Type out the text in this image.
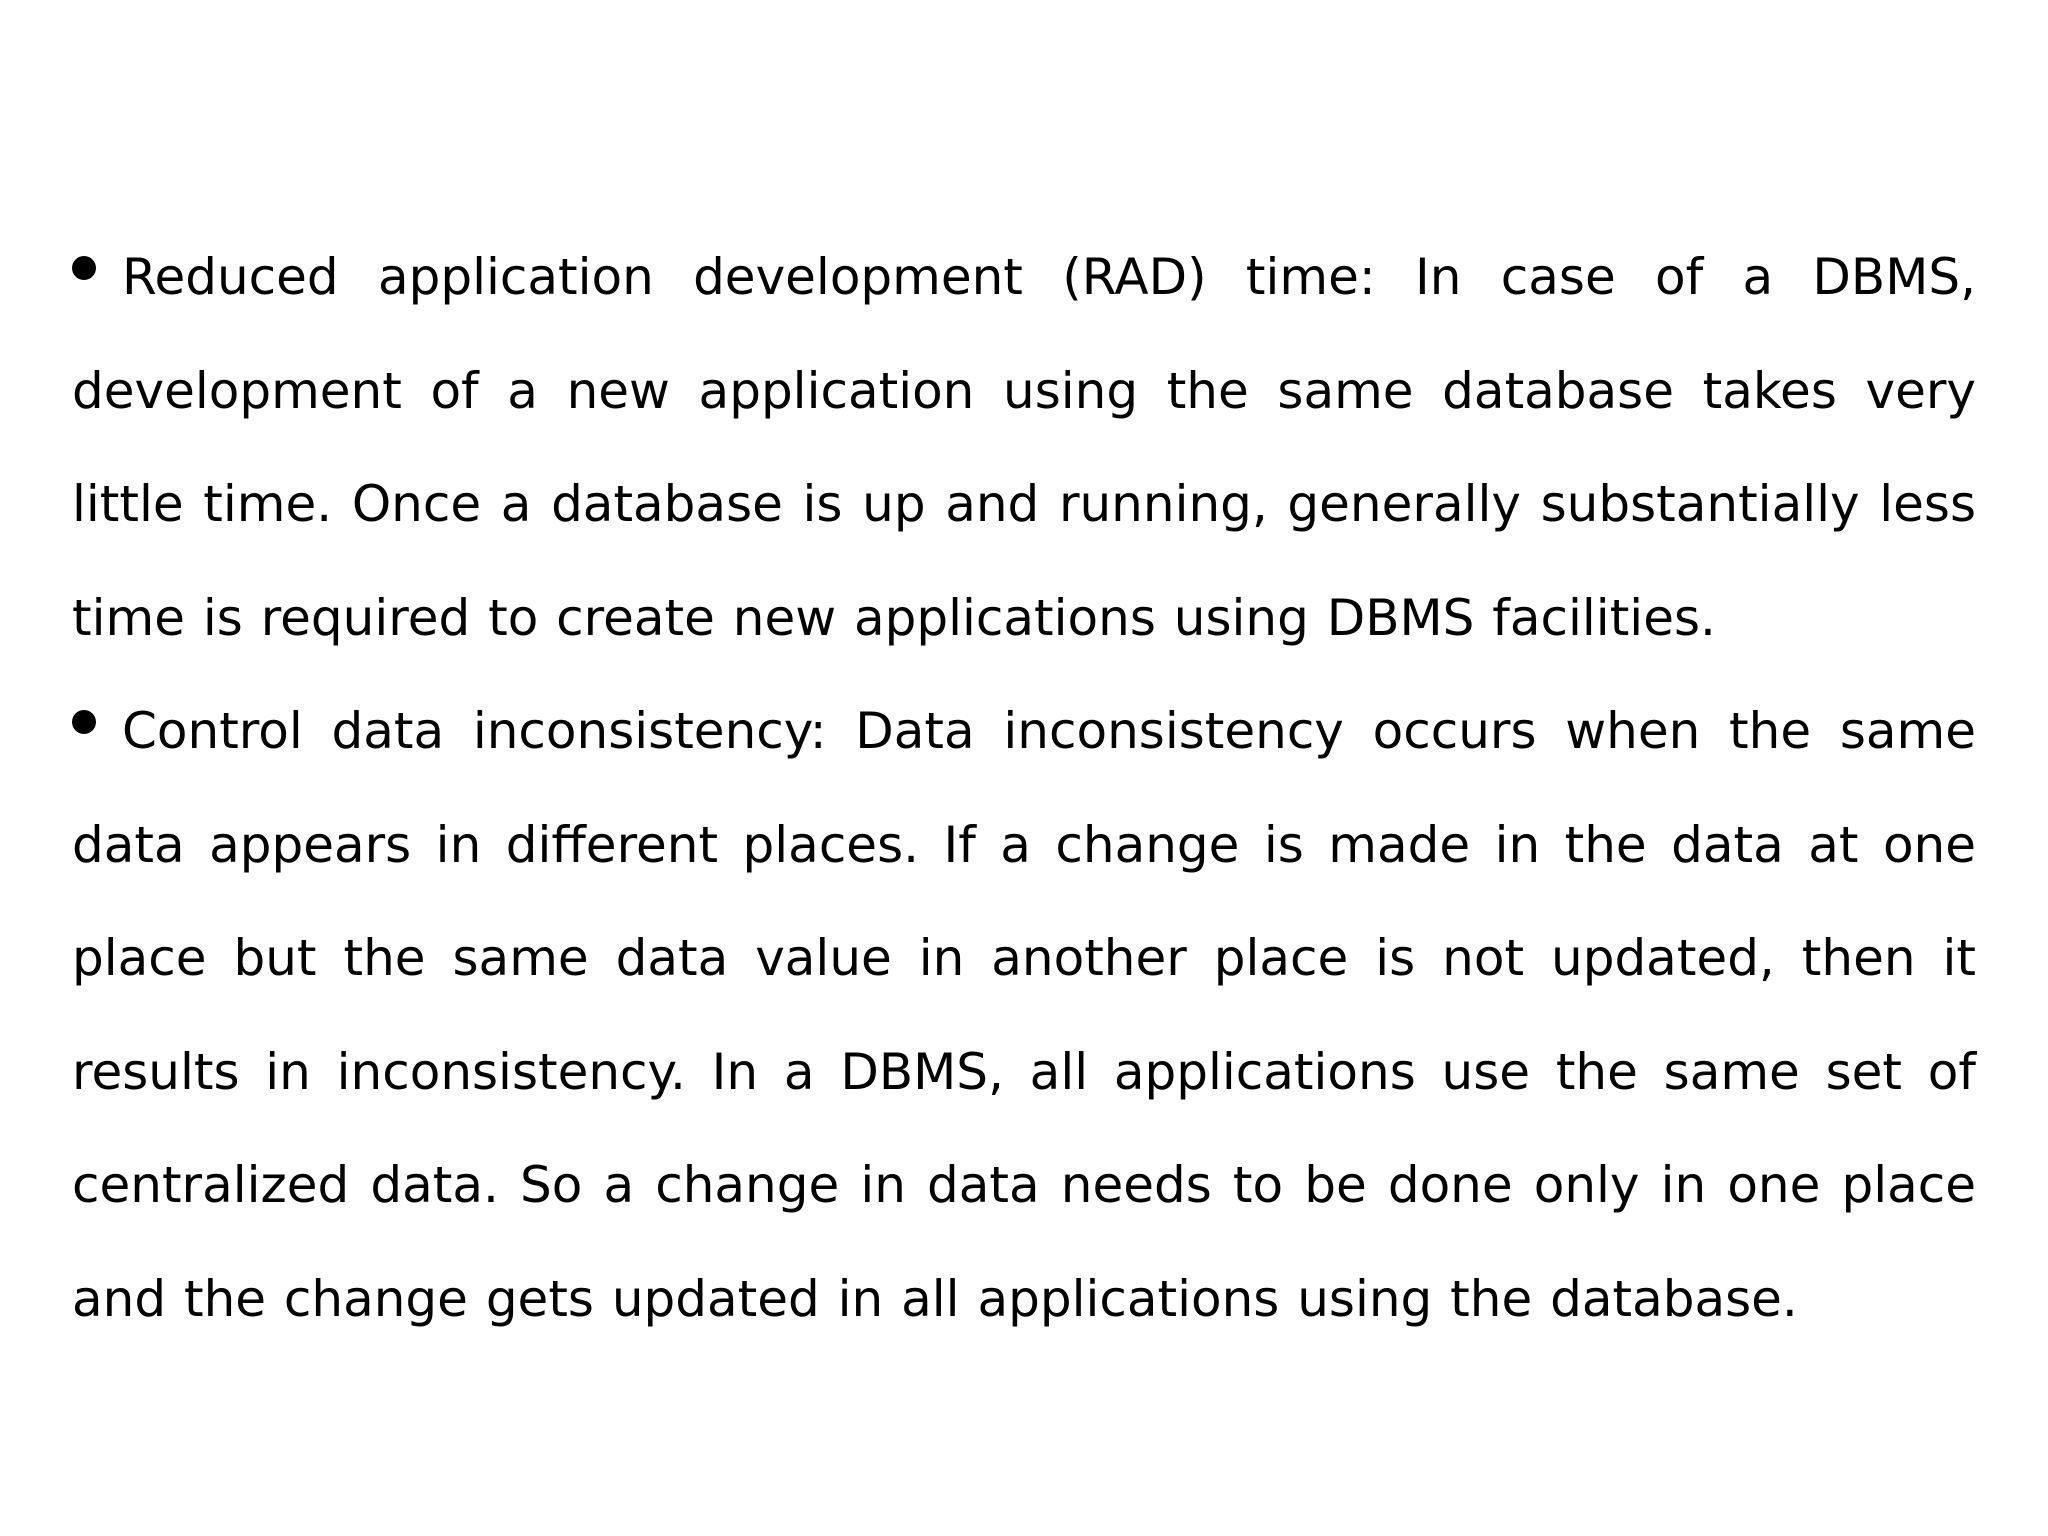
Reduced application development (RAD) time: In case of a DBMS, development of a new application using the same database takes very little time. Once a database is up and running, generally substantially less time is required to create new applications using DBMS facilities.

Control data inconsistency: Data inconsistency occurs when the same data appears in different places. If a change is made in the data at one place but the same data value in another place is not updated, then it results in inconsistency. In a DBMS, all applications use the same set of centralized data. So a change in data needs to be done only in one place and the change gets updated in all applications using the database.
